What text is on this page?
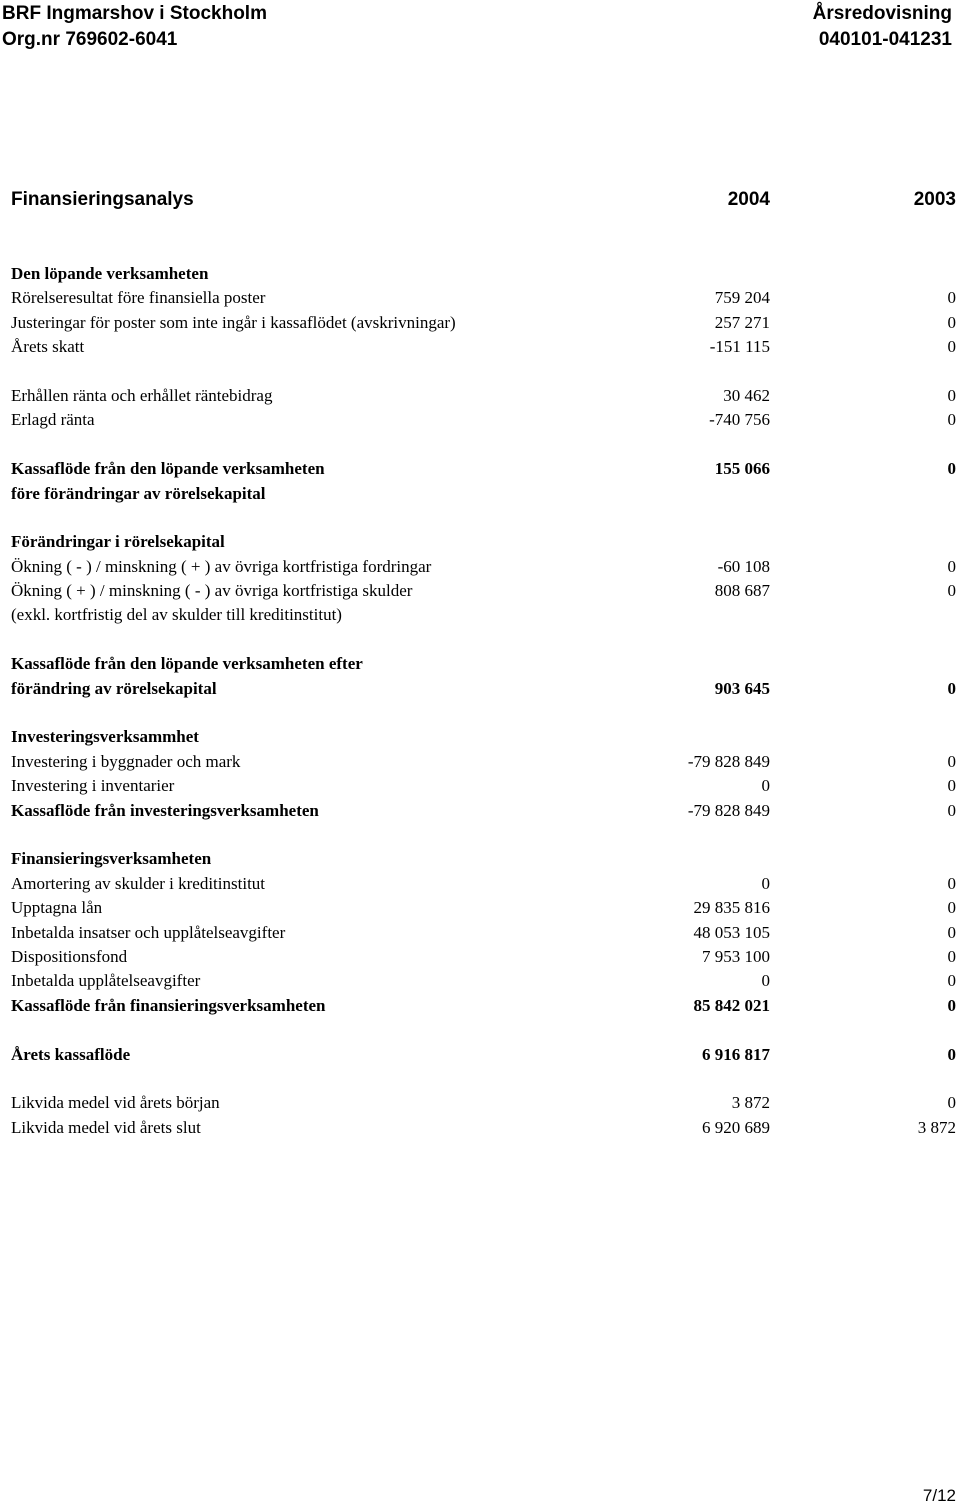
BRF Ingmarshov i Stockholm
Org.nr 769602-6041
Årsredovisning
040101-041231
Finansieringsanalys	2004	2003
Den löpande verksamheten
Rörelseresultat före finansiella poster	759 204	0
Justeringar för poster som inte ingår i kassaflödet (avskrivningar)	257 271	0
Årets skatt	-151 115	0
Erhållen ränta och erhållet räntebidrag	30 462	0
Erlagd ränta	-740 756	0
Kassaflöde från den löpande verksamheten	155 066	0
före förändringar av rörelsekapital
Förändringar i rörelsekapital
Ökning ( - ) / minskning ( + ) av övriga kortfristiga fordringar	-60 108	0
Ökning ( + ) / minskning ( - ) av övriga kortfristiga skulder	808 687	0
(exkl. kortfristig del av skulder till kreditinstitut)
Kassaflöde från den löpande verksamheten efter
förändring av rörelsekapital	903 645	0
Investeringsverksammhet
Investering i byggnader och mark	-79 828 849	0
Investering i inventarier	0	0
Kassaflöde från investeringsverksamheten	-79 828 849	0
Finansieringsverksamheten
Amortering av skulder i kreditinstitut	0	0
Upptagna lån	29 835 816	0
Inbetalda insatser och upplåtelseavgifter	48 053 105	0
Dispositionsfond	7 953 100	0
Inbetalda upplåtelseavgifter	0	0
Kassaflöde från finansieringsverksamheten	85 842 021	0
Årets kassaflöde	6 916 817	0
Likvida medel vid årets början	3 872	0
Likvida medel vid årets slut	6 920 689	3 872
7/12
